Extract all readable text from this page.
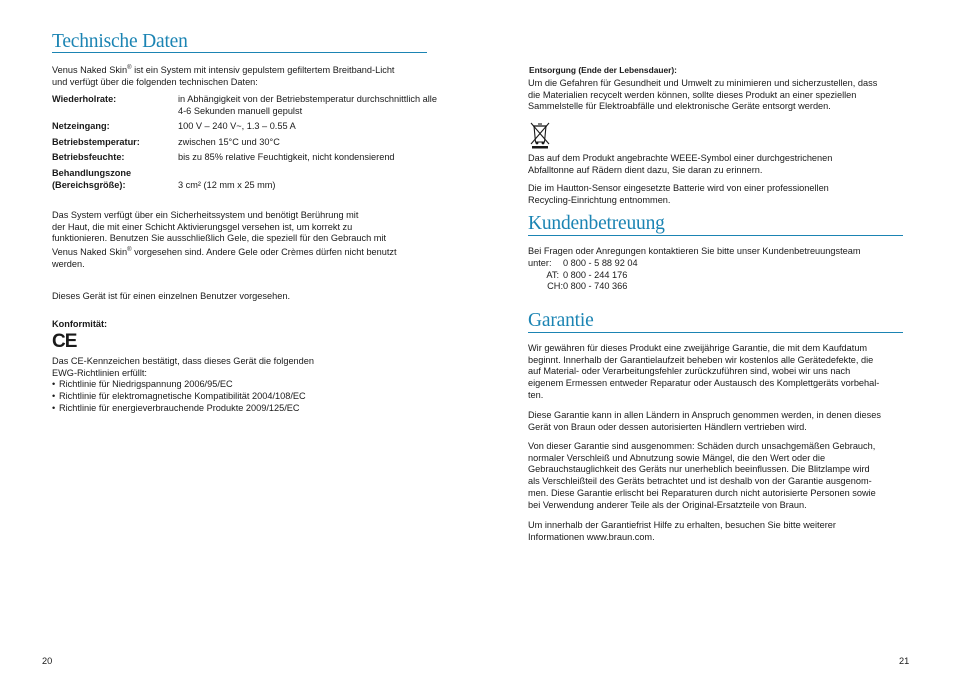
Technische Daten

Venus Naked Skin® ist ein System mit intensiv gepulstem gefiltertem Breitband-Licht

und verfügt über die folgenden technischen Daten:

Wiederholrate:	in Abhängigkeit von der Betriebstemperatur durchschnittlich alle 4-6 Sekunden manuell gepulst
Netzeingang:	100 V – 240 V~, 1.3 – 0.55 A
Betriebstemperatur:	zwischen 15°C und 30°C
Betriebsfeuchte:	bis zu 85% relative Feuchtigkeit, nicht kondensierend
Behandlungszone
(Bereichsgröße):	3 cm² (12 mm x 25 mm)

Das System verfügt über ein Sicherheitssystem und benötigt Berührung mit

der Haut, die mit einer Schicht Aktivierungsgel versehen ist, um korrekt zu

funktionieren. Benutzen Sie ausschließlich Gele, die speziell für den Gebrauch mit

Venus Naked Skin® vorgesehen sind. Andere Gele oder Crèmes dürfen nicht benutzt

werden.

Dieses Gerät ist für einen einzelnen Benutzer vorgesehen.
Konformität:
CE

Das CE-Kennzeichen bestätigt, dass dieses Gerät die folgenden

EWG-Richtlinien erfüllt:

• Richtlinie für Niedrigspannung 2006/95/EC
• Richtlinie für elektromagnetische Kompatibilität 2004/108/EC
• Richtlinie für energieverbrauchende Produkte 2009/125/EC
20
Entsorgung (Ende der Lebensdauer):

Um die Gefahren für Gesundheit und Umwelt zu minimieren und sicherzustellen, dass

die Materialien recycelt werden können, sollte dieses Produkt an einer speziellen

Sammelstelle für Elektroabfälle und elektronische Geräte entsorgt werden.

Das auf dem Produkt angebrachte WEEE-Symbol einer durchgestrichenen

Abfalltonne auf Rädern dient dazu, Sie daran zu erinnern.

Die im Hautton-Sensor eingesetzte Batterie wird von einer professionellen

Recycling-Einrichtung entnommen.

Kundenbetreuung
Bei Fragen oder Anregungen kontaktieren Sie bitte unser Kundenbetreuungsteam
unter:	0 800 - 5 88 92 04
AT:	0 800 - 244 176
CH:	0 800 - 740 366
Garantie

Wir gewähren für dieses Produkt eine zweijährige Garantie, die mit dem Kaufdatum

beginnt. Innerhalb der Garantielaufzeit beheben wir kostenlos alle Gerätedefekte, die

auf Material- oder Verarbeitungsfehler zurückzuführen sind, wobei wir uns nach

eigenem Ermessen entweder Reparatur oder Austausch des Komplettgeräts vorbehal-

ten.

Diese Garantie kann in allen Ländern in Anspruch genommen werden, in denen dieses

Gerät von Braun oder dessen autorisierten Händlern vertrieben wird.

Von dieser Garantie sind ausgenommen: Schäden durch unsachgemäßen Gebrauch,

normaler Verschleiß und Abnutzung sowie Mängel, die den Wert oder die

Gebrauchstauglichkeit des Geräts nur unerheblich beeinflussen. Die Blitzlampe wird

als Verschleißteil des Geräts betrachtet und ist deshalb von der Garantie ausgenom-

men. Diese Garantie erlischt bei Reparaturen durch nicht autorisierte Personen sowie

bei Verwendung anderer Teile als der Original-Ersatzteile von Braun.

Um innerhalb der Garantiefrist Hilfe zu erhalten, besuchen Sie bitte weiterer

Informationen www.braun.com.

21
